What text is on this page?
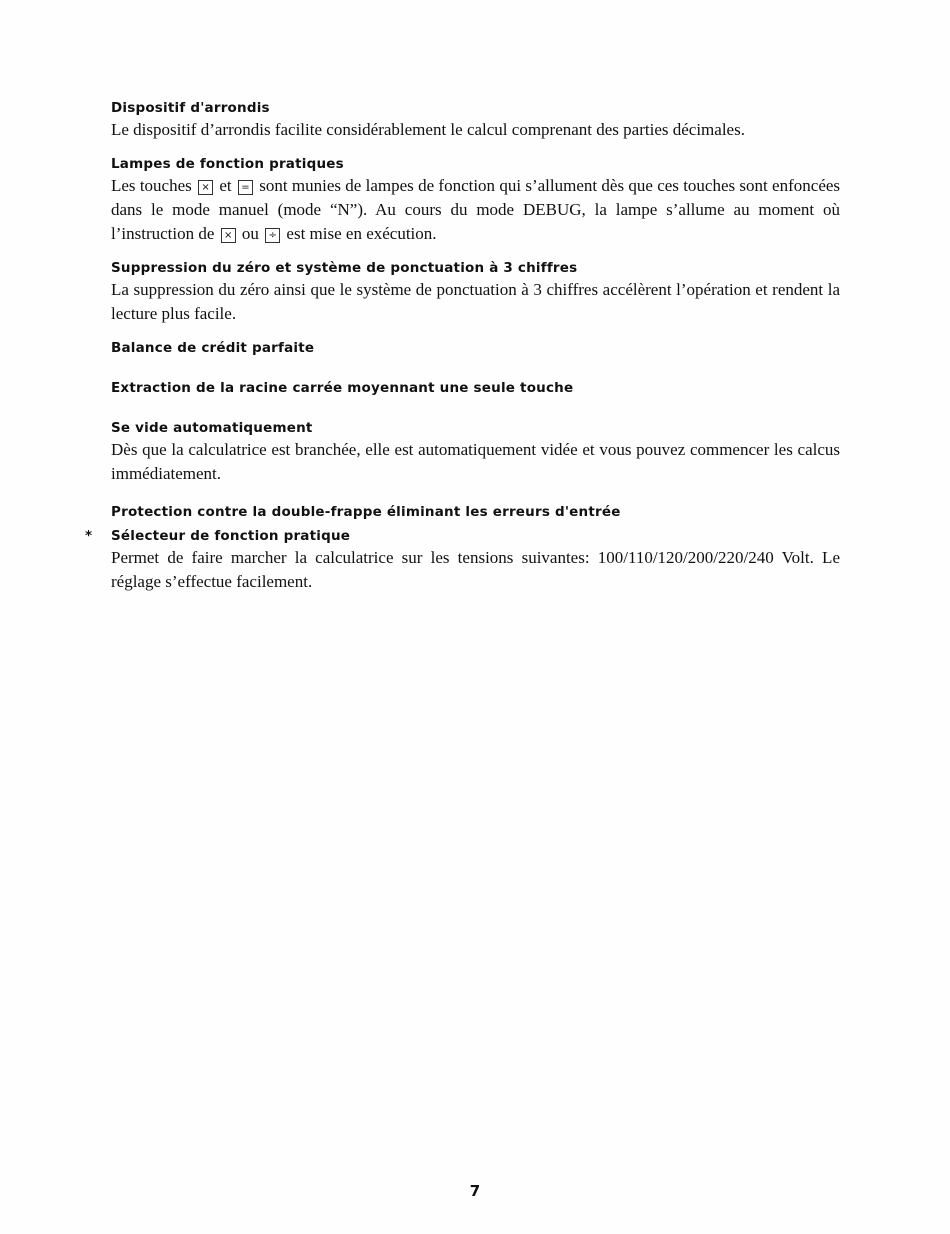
Dispositif d'arrondis

Le dispositif d’arrondis facilite considérablement le calcul comprenant des parties décimales.

Lampes de fonction pratiques

Les touches × et = sont munies de lampes de fonction qui s’allument dès que ces touches sont enfoncées dans le mode manuel (mode “N”). Au cours du mode DEBUG, la lampe s’allume au moment où l’instruction de × ou ÷ est mise en exécution.

Suppression du zéro et système de ponctuation à 3 chiffres

La suppression du zéro ainsi que le système de ponctuation à 3 chiffres accélèrent l’opération et rendent la lecture plus facile.

Balance de crédit parfaite
Extraction de la racine carrée moyennant une seule touche
Se vide automatiquement

Dès que la calculatrice est branchée, elle est automatiquement vidée et vous pouvez commencer les calcus immédiatement.

Protection contre la double-frappe éliminant les erreurs d'entrée
* Sélecteur de fonction pratique

Permet de faire marcher la calculatrice sur les tensions suivantes: 100/110/120/200/220/240 Volt. Le réglage s’effectue facilement.

7
